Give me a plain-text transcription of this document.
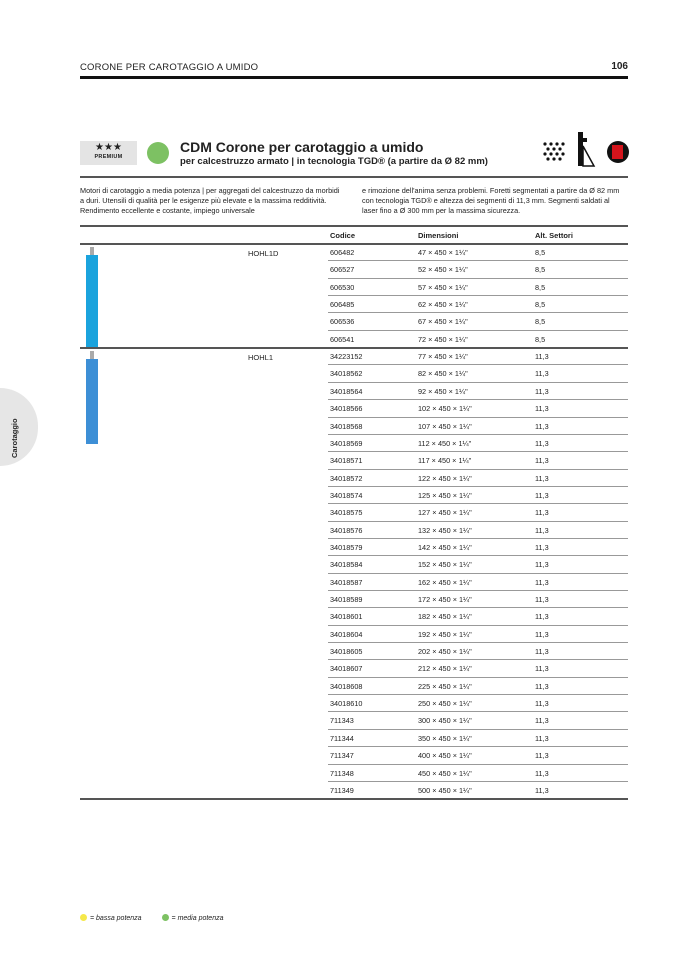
CORONE PER CAROTAGGIO A UMIDO	106
★★★
PREMIUM
CDM Corone per carotaggio a umido
per calcestruzzo armato | in tecnologia TGD® (a partire da Ø 82 mm)
Motori di carotaggio a media potenza | per aggregati del calcestruzzo da morbidi a duri. Utensili di qualità per le esigenze più elevate e la massima redditività. Rendimento eccellente e costante, impiego universale
e rimozione dell'anima senza problemi. Foretti segmentati a partire da Ø 82 mm con tecnologia TGD® e altezza dei segmenti di 11,3 mm. Segmenti saldati al laser fino a Ø 300 mm per la massima sicurezza.
Codice	Dimensioni	Alt. Settori
HOHL1D	606482	47 × 450 × 1¼"	8,5
606527	52 × 450 × 1¼"	8,5
606530	57 × 450 × 1¼"	8,5
606485	62 × 450 × 1¼"	8,5
606536	67 × 450 × 1¼"	8,5
606541	72 × 450 × 1¼"	8,5
HOHL1	34223152	77 × 450 × 1¼"	11,3
34018562	82 × 450 × 1¼"	11,3
34018564	92 × 450 × 1¼"	11,3
34018566	102 × 450 × 1¼"	11,3
34018568	107 × 450 × 1¼"	11,3
34018569	112 × 450 × 1¼"	11,3
34018571	117 × 450 × 1¼"	11,3
34018572	122 × 450 × 1¼"	11,3
34018574	125 × 450 × 1¼"	11,3
34018575	127 × 450 × 1¼"	11,3
34018576	132 × 450 × 1¼"	11,3
34018579	142 × 450 × 1¼"	11,3
34018584	152 × 450 × 1¼"	11,3
34018587	162 × 450 × 1¼"	11,3
34018589	172 × 450 × 1¼"	11,3
34018601	182 × 450 × 1¼"	11,3
34018604	192 × 450 × 1¼"	11,3
34018605	202 × 450 × 1¼"	11,3
34018607	212 × 450 × 1¼"	11,3
34018608	225 × 450 × 1¼"	11,3
34018610	250 × 450 × 1¼"	11,3
711343	300 × 450 × 1¼"	11,3
711344	350 × 450 × 1¼"	11,3
711347	400 × 450 × 1¼"	11,3
711348	450 × 450 × 1¼"	11,3
711349	500 × 450 × 1¼"	11,3
Carotaggio
= bassa potenza	= media potenza
